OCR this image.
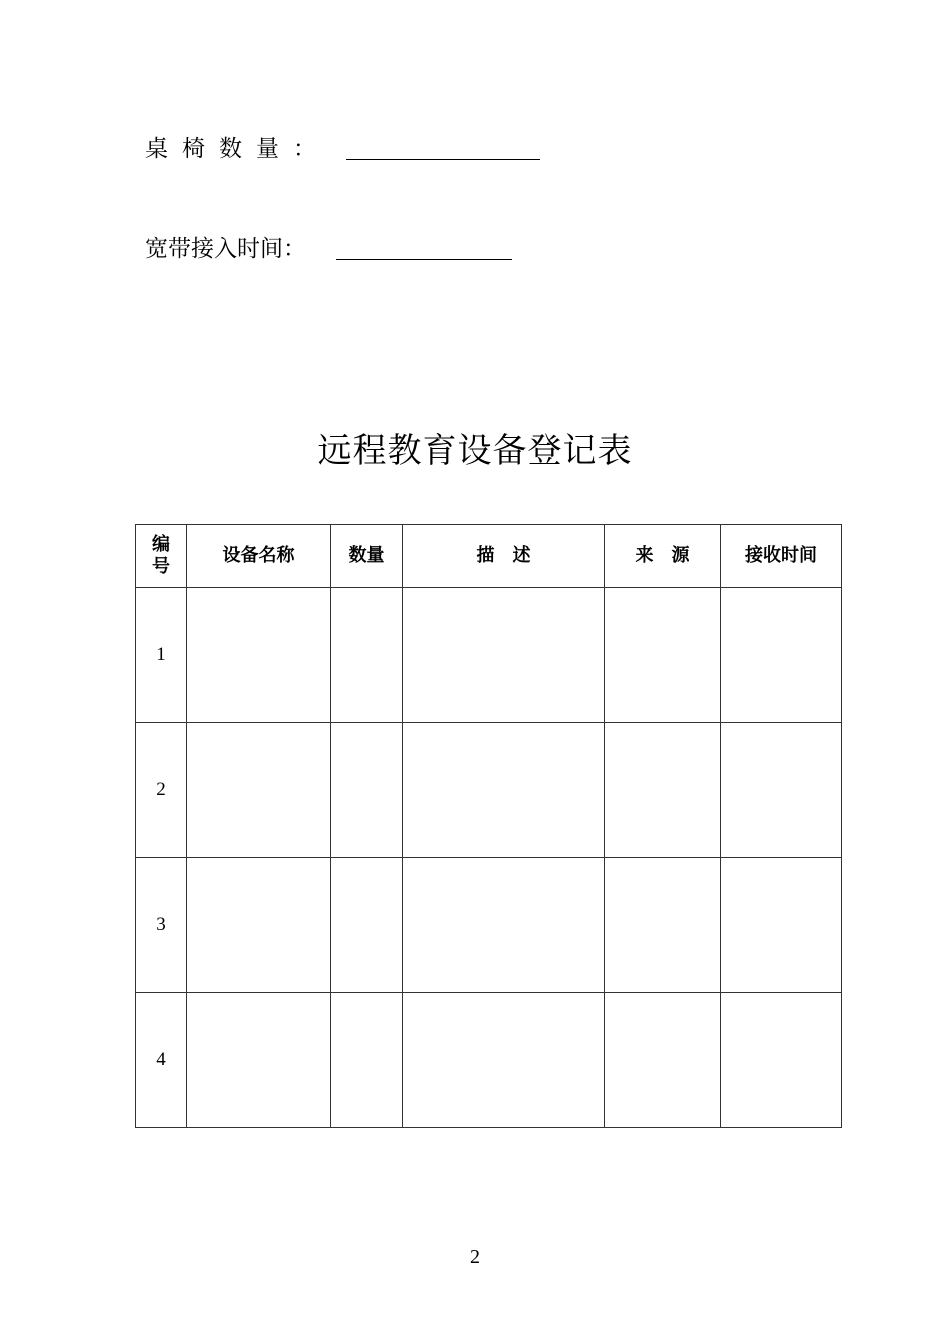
桌椅数量：
宽带接入时间：
远程教育设备登记表
编号	设备名称	数量	描　述	来　源	接收时间
1					
2					
3					
4					
2
